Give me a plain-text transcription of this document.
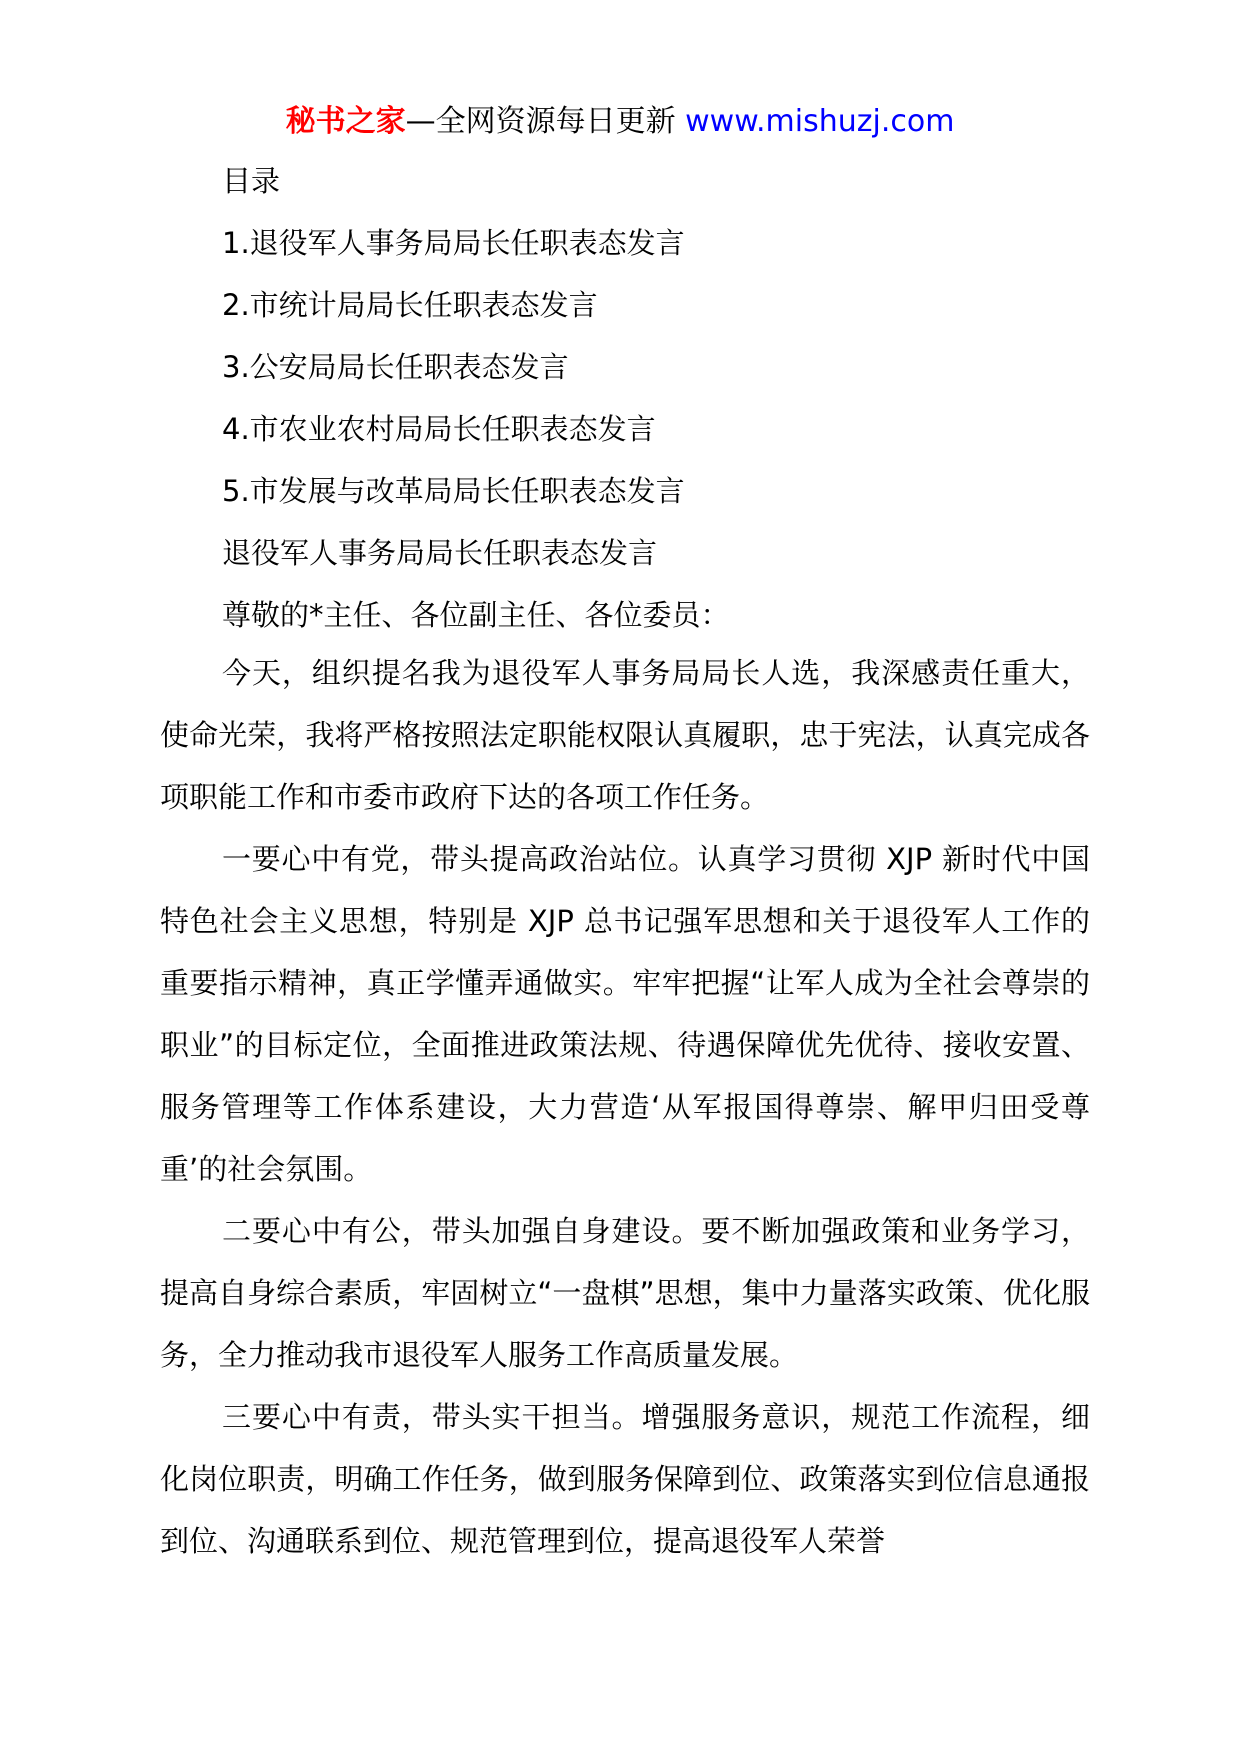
秘书之家—全网资源每日更新 www.mishuzj.com
目录
1.退役军人事务局局长任职表态发言
2.市统计局局长任职表态发言
3.公安局局长任职表态发言
4.市农业农村局局长任职表态发言
5.市发展与改革局局长任职表态发言
退役军人事务局局长任职表态发言
尊敬的*主任、各位副主任、各位委员：

今天，组织提名我为退役军人事务局局长人选，我深感责任重大，使命光荣，我将严格按照法定职能权限认真履职，忠于宪法，认真完成各项职能工作和市委市政府下达的各项工作任务。

一要心中有党，带头提高政治站位。认真学习贯彻 XJP 新时代中国特色社会主义思想，特别是 XJP 总书记强军思想和关于退役军人工作的重要指示精神，真正学懂弄通做实。牢牢把握“让军人成为全社会尊崇的职业”的目标定位，全面推进政策法规、待遇保障优先优待、接收安置、服务管理等工作体系建设，大力营造‘从军报国得尊崇、解甲归田受尊重’的社会氛围。

二要心中有公，带头加强自身建设。要不断加强政策和业务学习，提高自身综合素质，牢固树立“一盘棋”思想，集中力量落实政策、优化服务，全力推动我市退役军人服务工作高质量发展。

三要心中有责，带头实干担当。增强服务意识，规范工作流程，细化岗位职责，明确工作任务，做到服务保障到位、政策落实到位信息通报到位、沟通联系到位、规范管理到位，提高退役军人荣誉
